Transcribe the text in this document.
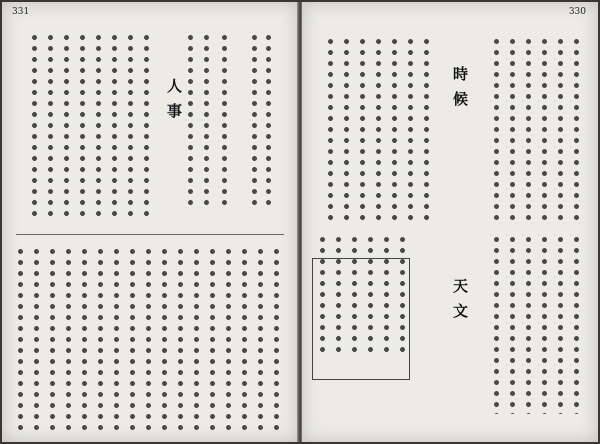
331
人事
330
時候
天文
